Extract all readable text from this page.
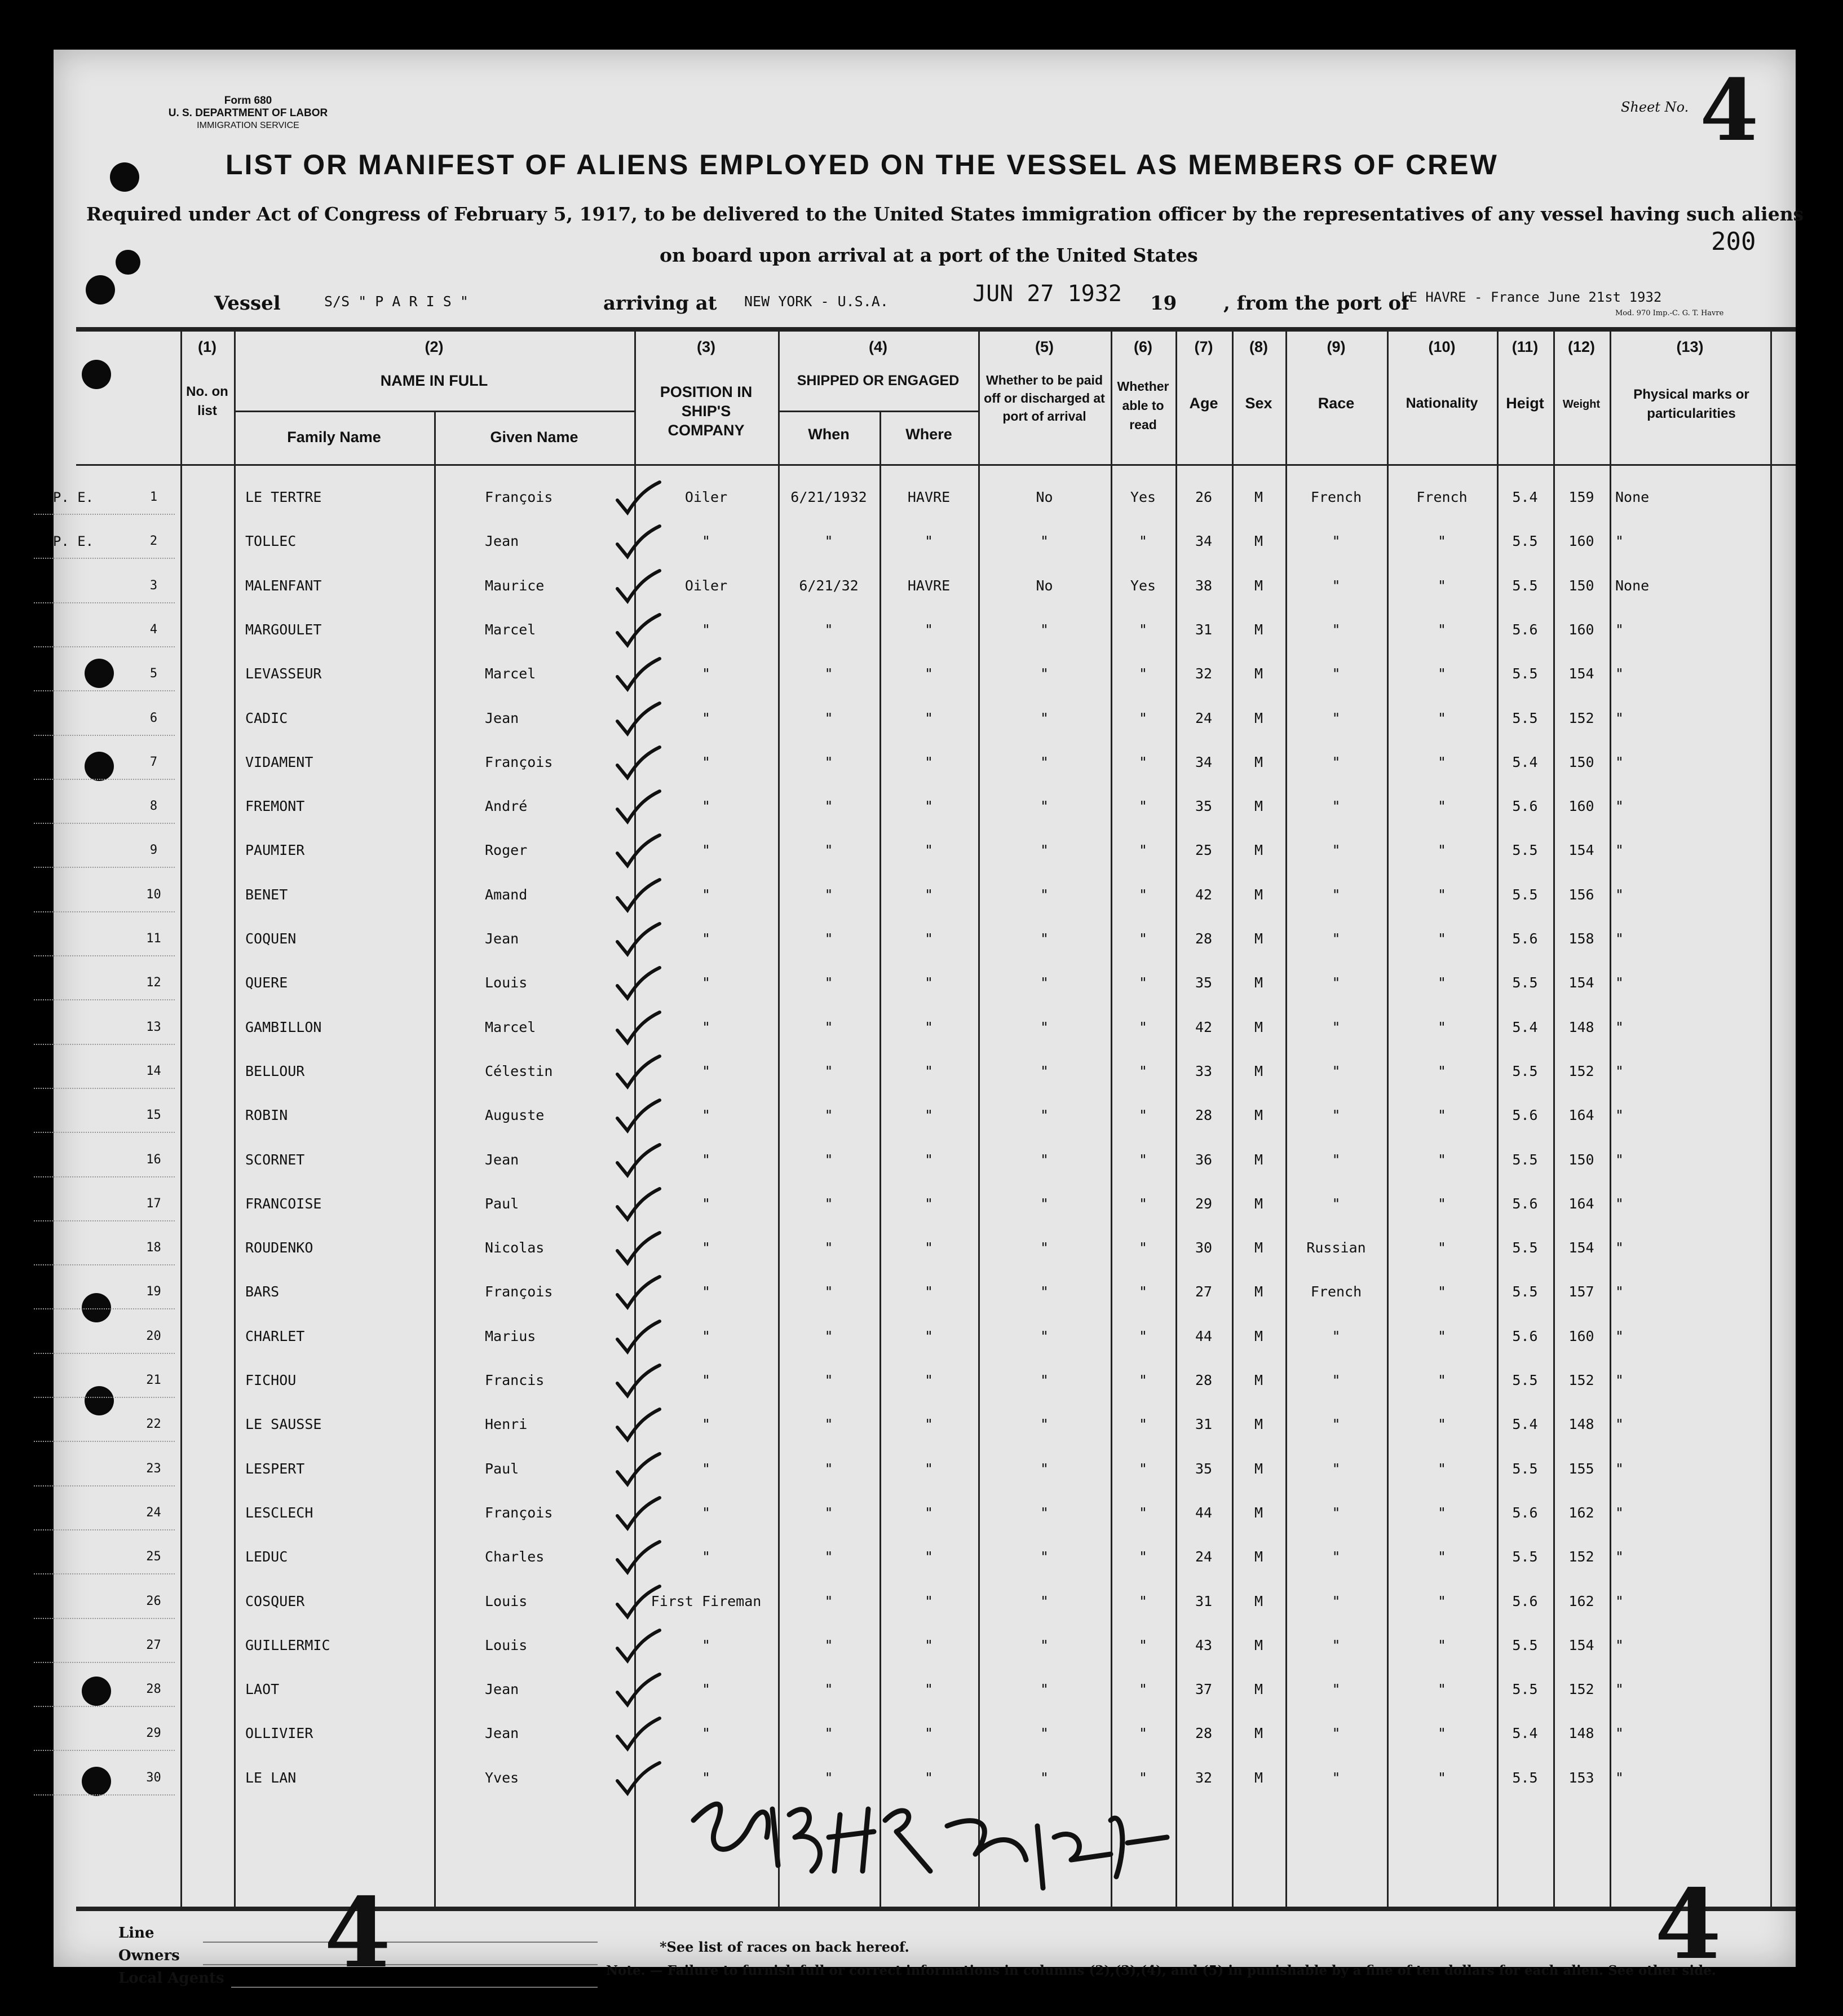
Form 680
U. S. DEPARTMENT OF LABOR
IMMIGRATION SERVICE
Sheet No. 4
LIST OR MANIFEST OF ALIENS EMPLOYED ON THE VESSEL AS MEMBERS OF CREW
Required under Act of Congress of February 5, 1917, to be delivered to the United States immigration officer by the representatives of any vessel having such aliens
on board upon arrival at a port of the United States	200
Vessel	S/S " P A R I S "	arriving at NEW YORK - U.S.A.	JUN 27 1932 19 , from the port of
LE HAVRE - France June 21st 1932
Mod. 970 Imp.-C. G. T. Havre
(1)
No. on list
(2)
NAME IN FULL
Family Name	Given Name
(3)
POSITION IN SHIP'S COMPANY
(4)
SHIPPED OR ENGAGED
When	Where
(5)
Whether to be paid off or discharged at port of arrival
(6)
Whether able to read
(7)
Age
(8)
Sex
(9)
Race
(10)
Nationality
(11)
Heigt
(12)
Weight
(13)
Physical marks or particularities
P. E.	1	LE TERTRE	François	Oiler	6/21/1932	HAVRE	No	Yes	26	M	French	French	5.4	159	None
P. E.	2	TOLLEC	Jean	"	"	"	"	"	34	M	"	"	5.5	160	"
3	MALENFANT	Maurice	Oiler	6/21/32	HAVRE	No	Yes	38	M	"	"	5.5	150	None
4	MARGOULET	Marcel	"	"	"	"	"	31	M	"	"	5.6	160	"
5	LEVASSEUR	Marcel	"	"	"	"	"	32	M	"	"	5.5	154	"
6	CADIC	Jean	"	"	"	"	"	24	M	"	"	5.5	152	"
7	VIDAMENT	François	"	"	"	"	"	34	M	"	"	5.4	150	"
8	FREMONT	André	"	"	"	"	"	35	M	"	"	5.6	160	"
9	PAUMIER	Roger	"	"	"	"	"	25	M	"	"	5.5	154	"
10	BENET	Amand	"	"	"	"	"	42	M	"	"	5.5	156	"
11	COQUEN	Jean	"	"	"	"	"	28	M	"	"	5.6	158	"
12	QUERE	Louis	"	"	"	"	"	35	M	"	"	5.5	154	"
13	GAMBILLON	Marcel	"	"	"	"	"	42	M	"	"	5.4	148	"
14	BELLOUR	Célestin	"	"	"	"	"	33	M	"	"	5.5	152	"
15	ROBIN	Auguste	"	"	"	"	"	28	M	"	"	5.6	164	"
16	SCORNET	Jean	"	"	"	"	"	36	M	"	"	5.5	150	"
17	FRANCOISE	Paul	"	"	"	"	"	29	M	"	"	5.6	164	"
18	ROUDENKO	Nicolas	"	"	"	"	"	30	M	Russian	"	5.5	154	"
19	BARS	François	"	"	"	"	"	27	M	French	"	5.5	157	"
20	CHARLET	Marius	"	"	"	"	"	44	M	"	"	5.6	160	"
21	FICHOU	Francis	"	"	"	"	"	28	M	"	"	5.5	152	"
22	LE SAUSSE	Henri	"	"	"	"	"	31	M	"	"	5.4	148	"
23	LESPERT	Paul	"	"	"	"	"	35	M	"	"	5.5	155	"
24	LESCLECH	François	"	"	"	"	"	44	M	"	"	5.6	162	"
25	LEDUC	Charles	"	"	"	"	"	24	M	"	"	5.5	152	"
26	COSQUER	Louis	First Fireman	"	"	"	"	31	M	"	"	5.6	162	"
27	GUILLERMIC	Louis	"	"	"	"	"	43	M	"	"	5.5	154	"
28	LAOT	Jean	"	"	"	"	"	37	M	"	"	5.5	152	"
29	OLLIVIER	Jean	"	"	"	"	"	28	M	"	"	5.4	148	"
30	LE LAN	Yves	"	"	"	"	"	32	M	"	"	5.5	153	"
Line
Owners
Local Agents 4	4
*See list of races on back hereof.
Note. — Failure to furnish full or correct informations in columns (2),(3),(4), and (5) in punishable by a fine of ten dollars for each alien. See other side.
